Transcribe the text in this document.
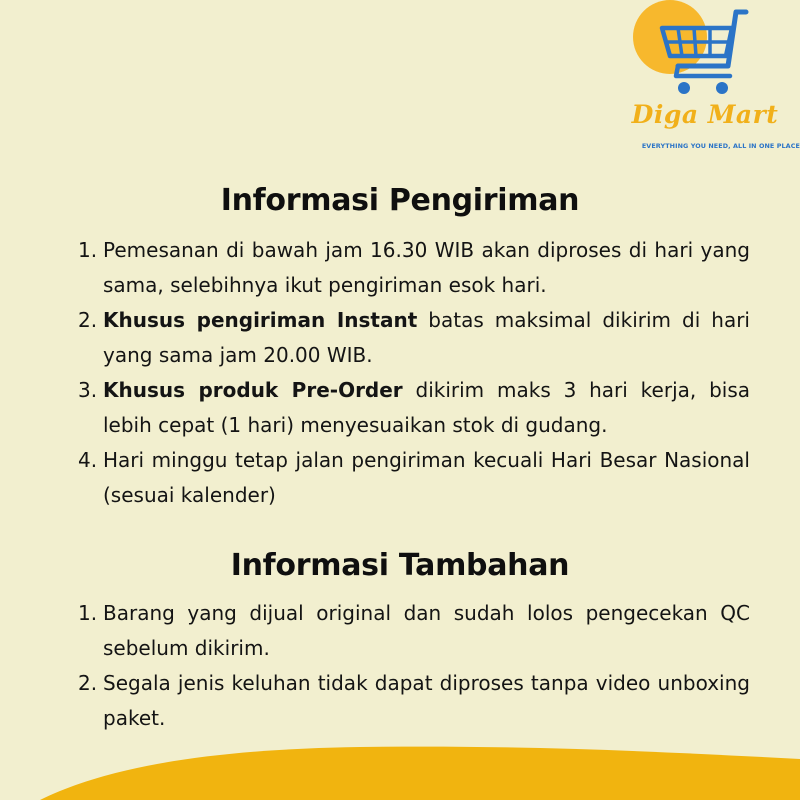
Diga Mart
EVERYTHING YOU NEED, ALL IN ONE PLACE
Informasi Pengiriman
1. Pemesanan di bawah jam 16.30 WIB akan diproses di hari yang sama, selebihnya ikut pengiriman esok hari.
2. Khusus pengiriman Instant batas maksimal dikirim di hari yang sama jam 20.00 WIB.
3. Khusus produk Pre-Order dikirim maks 3 hari kerja, bisa lebih cepat (1 hari) menyesuaikan stok di gudang.
4. Hari minggu tetap jalan pengiriman kecuali Hari Besar Nasional (sesuai kalender)
Informasi Tambahan
1. Barang yang dijual original dan sudah lolos pengecekan QC sebelum dikirim.
2. Segala jenis keluhan tidak dapat diproses tanpa video unboxing paket.
